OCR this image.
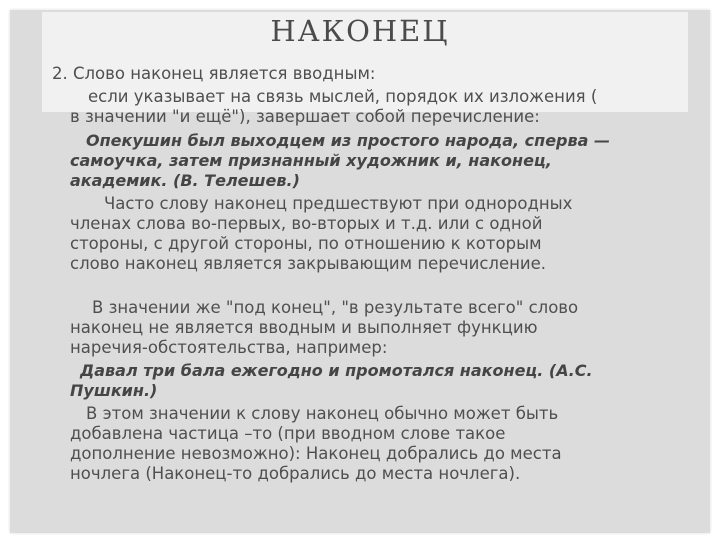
НАКОНЕЦ

2. Слово наконец является вводным:

если указывает на связь мыслей, порядок их изложения (

в значении "и ещё"), завершает собой перечисление:

Опекушин был выходцем из простого народа, сперва —

самоучка, затем признанный художник и, наконец,

академик. (В. Телешев.)

Часто слову наконец предшествуют при однородных

членах слова во-первых, во-вторых и т.д. или с одной

стороны, с другой стороны, по отношению к которым

слово наконец является закрывающим перечисление.

В значении же "под конец", "в результате всего" слово

наконец не является вводным и выполняет функцию

наречия-обстоятельства, например:

Давал три бала ежегодно и промотался наконец. (А.С.

Пушкин.)

В этом значении к слову наконец обычно может быть

добавлена частица –то (при вводном слове такое

дополнение невозможно): Наконец добрались до места

ночлега (Наконец-то добрались до места ночлега).
